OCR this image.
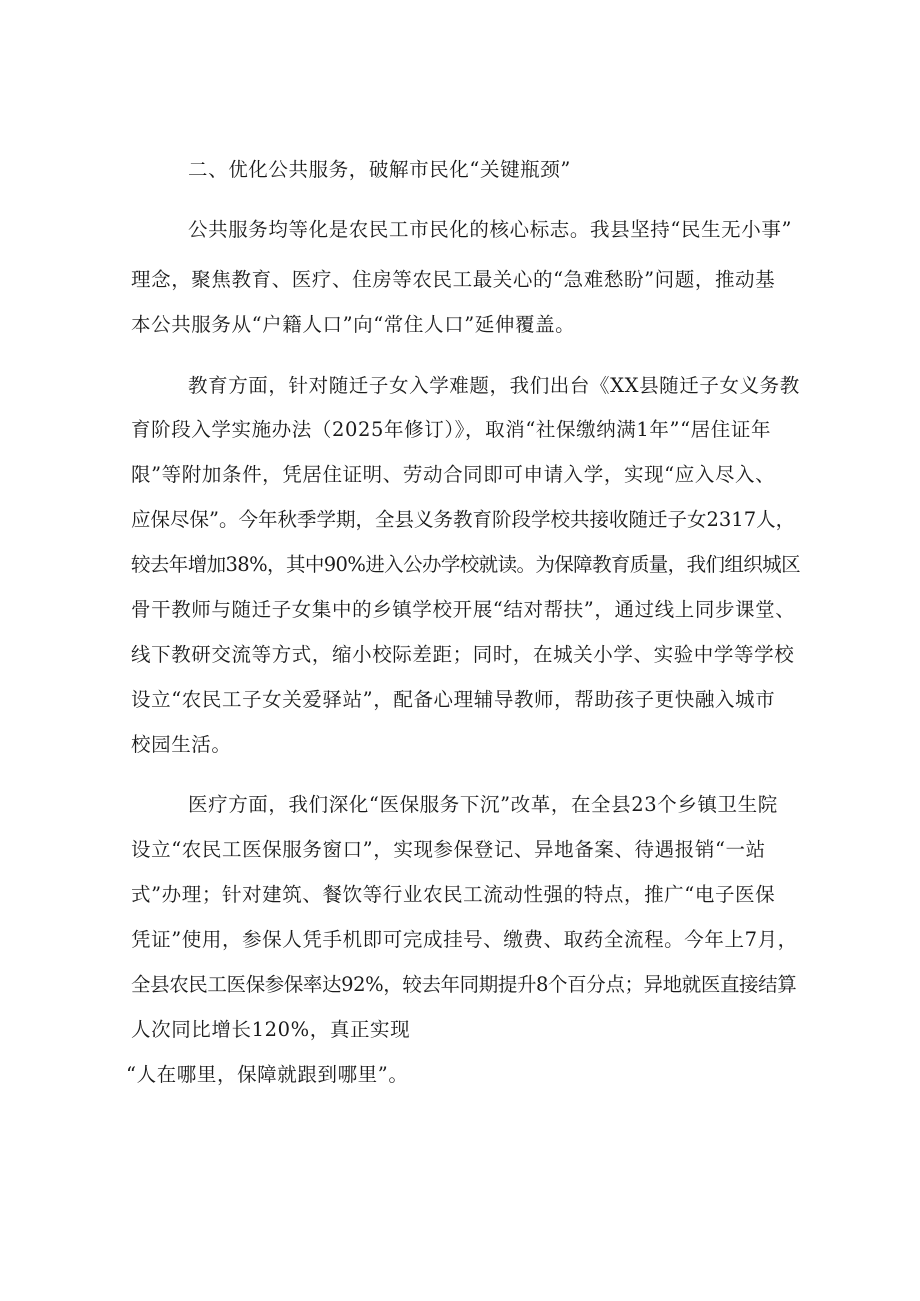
二、优化公共服务，破解市民化“关键瓶颈”

公共服务均等化是农民工市民化的核心标志。我县坚持“民生无小事”

理念，聚焦教育、医疗、住房等农民工最关心的“急难愁盼”问题，推动基

本公共服务从“户籍人口”向“常住人口”延伸覆盖。

教育方面，针对随迁子女入学难题，我们出台《XX县随迁子女义务教

育阶段入学实施办法（2025年修订）》，取消“社保缴纳满1年”“居住证年

限”等附加条件，凭居住证明、劳动合同即可申请入学，实现“应入尽入、

应保尽保”。今年秋季学期，全县义务教育阶段学校共接收随迁子女2317人，

较去年增加38%，其中90%进入公办学校就读。为保障教育质量，我们组织城区

骨干教师与随迁子女集中的乡镇学校开展“结对帮扶”，通过线上同步课堂、

线下教研交流等方式，缩小校际差距；同时，在城关小学、实验中学等学校

设立“农民工子女关爱驿站”，配备心理辅导教师，帮助孩子更快融入城市

校园生活。

医疗方面，我们深化“医保服务下沉”改革，在全县23个乡镇卫生院

设立“农民工医保服务窗口”，实现参保登记、异地备案、待遇报销“一站

式”办理；针对建筑、餐饮等行业农民工流动性强的特点，推广“电子医保

凭证”使用，参保人凭手机即可完成挂号、缴费、取药全流程。今年上7月，

全县农民工医保参保率达92%，较去年同期提升8个百分点；异地就医直接结算

人次同比增长120%，真正实现

“人在哪里，保障就跟到哪里”。
